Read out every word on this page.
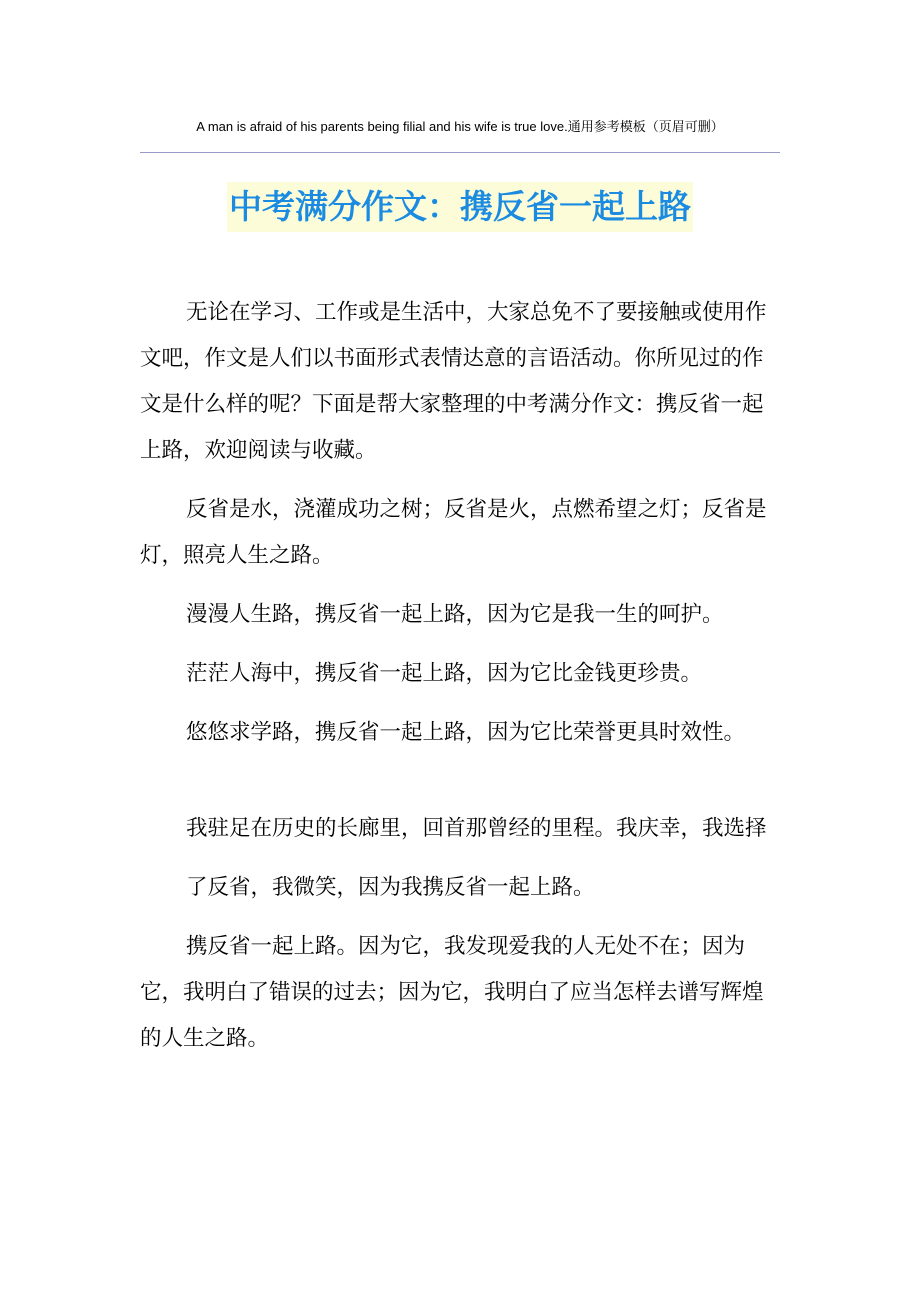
A man is afraid of his parents being filial and his wife is true love.通用参考模板（页眉可删）
中考满分作文：携反省一起上路

无论在学习、工作或是生活中，大家总免不了要接触或使用作文吧，作文是人们以书面形式表情达意的言语活动。你所见过的作文是什么样的呢？下面是帮大家整理的中考满分作文：携反省一起上路，欢迎阅读与收藏。

反省是水，浇灌成功之树；反省是火，点燃希望之灯；反省是灯，照亮人生之路。

漫漫人生路，携反省一起上路，因为它是我一生的呵护。

茫茫人海中，携反省一起上路，因为它比金钱更珍贵。

悠悠求学路，携反省一起上路，因为它比荣誉更具时效性。

我驻足在历史的长廊里，回首那曾经的里程。我庆幸，我选择

了反省，我微笑，因为我携反省一起上路。

携反省一起上路。因为它，我发现爱我的人无处不在；因为它，我明白了错误的过去；因为它，我明白了应当怎样去谱写辉煌的人生之路。
